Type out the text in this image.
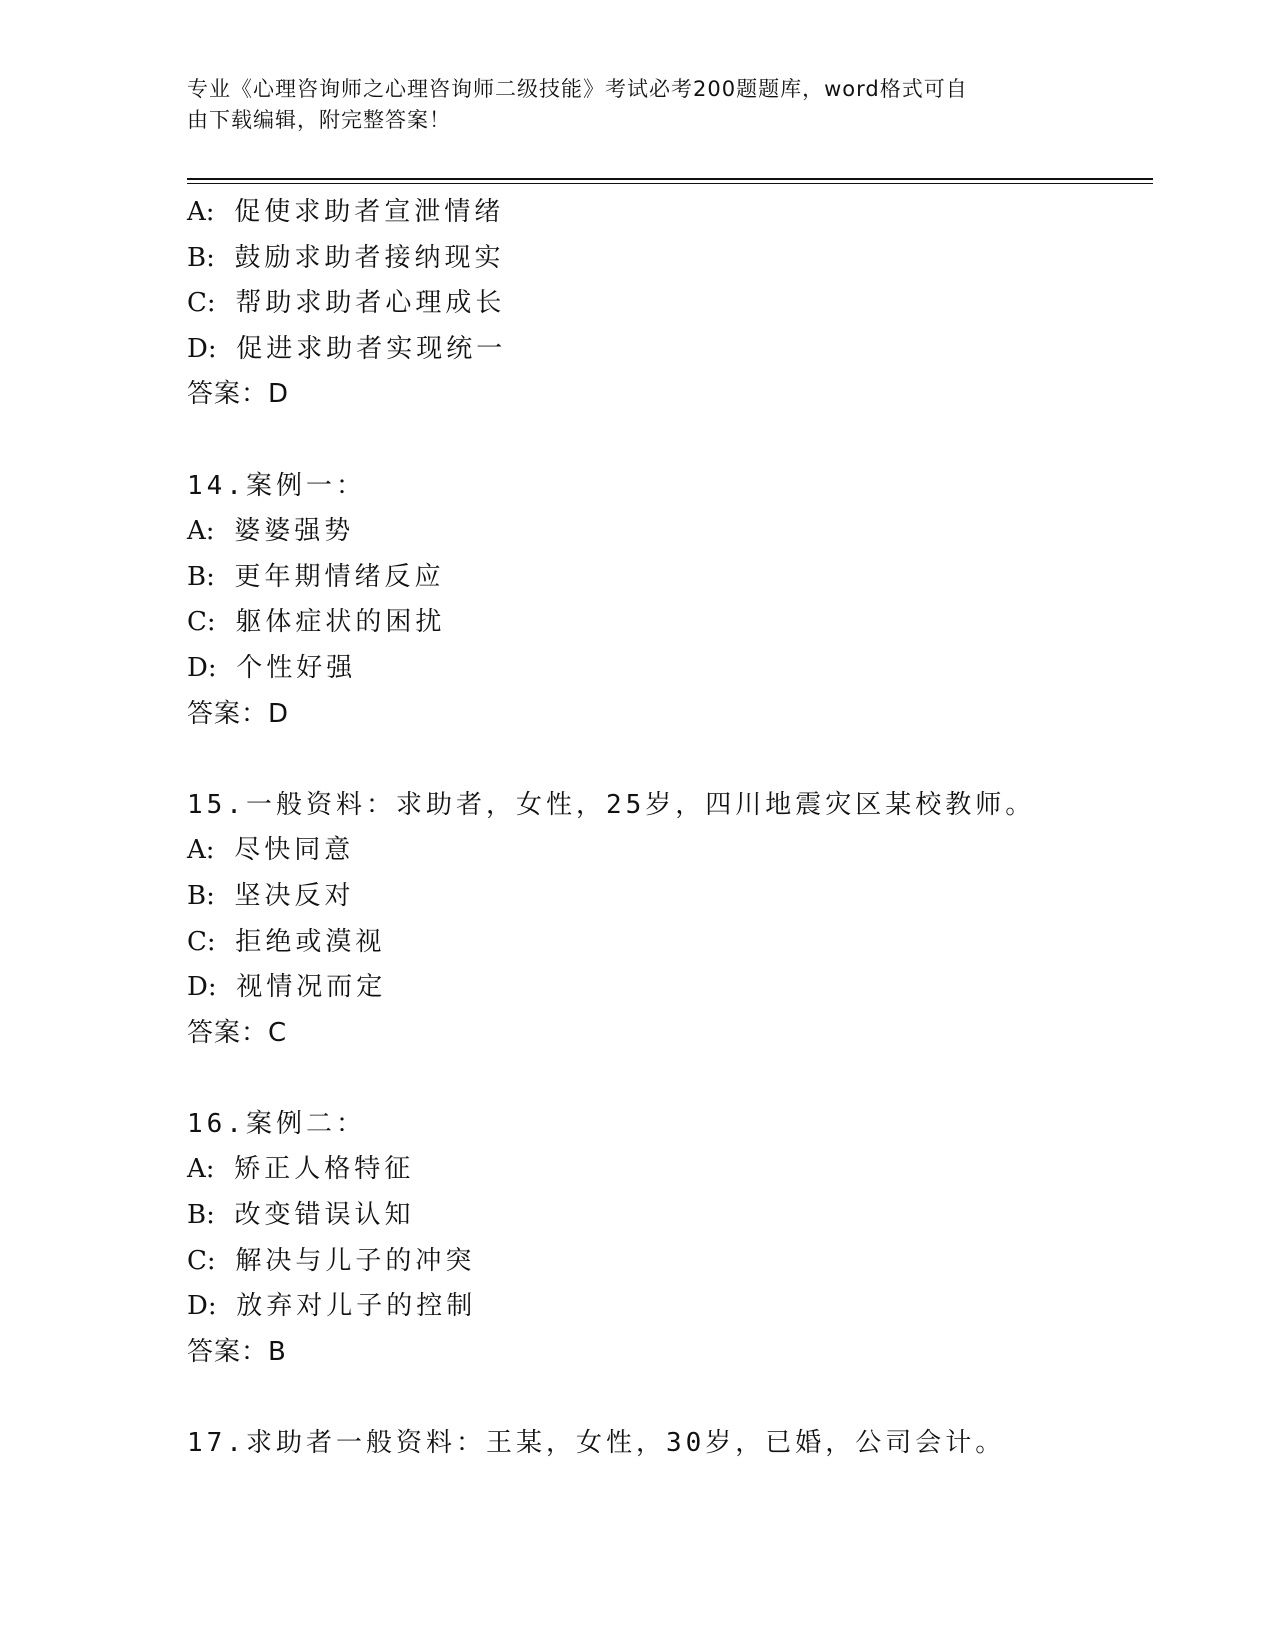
专业《心理咨询师之心理咨询师二级技能》考试必考200题题库，word格式可自
由下载编辑，附完整答案！
A: 促使求助者宣泄情绪
B: 鼓励求助者接纳现实
C: 帮助求助者心理成长
D: 促进求助者实现统一
答案：D
14.案例一：
A: 婆婆强势
B: 更年期情绪反应
C: 躯体症状的困扰
D: 个性好强
答案：D
15.一般资料：求助者，女性，25岁，四川地震灾区某校教师。
A: 尽快同意
B: 坚决反对
C: 拒绝或漠视
D: 视情况而定
答案：C
16.案例二：
A: 矫正人格特征
B: 改变错误认知
C: 解决与儿子的冲突
D: 放弃对儿子的控制
答案：B
17.求助者一般资料：王某，女性，30岁，已婚，公司会计。
